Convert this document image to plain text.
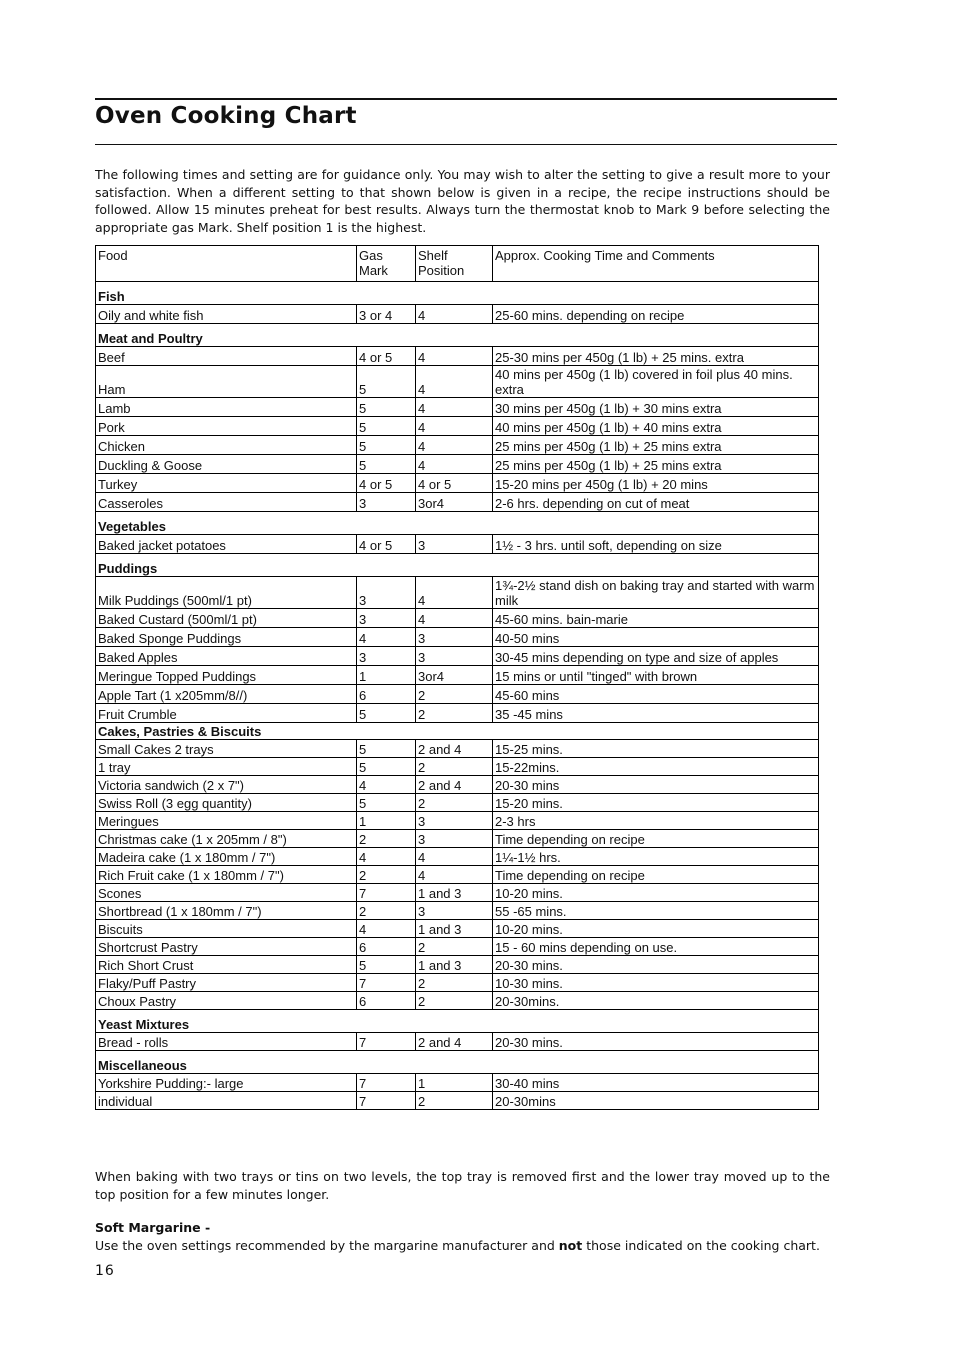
Oven Cooking Chart

The following times and setting are for guidance only. You may wish to alter the setting to give a result more to your satisfaction. When a different setting to that shown below is given in a recipe, the recipe instructions should be followed. Allow 15 minutes preheat for best results. Always turn the thermostat knob to Mark 9 before selecting the appropriate gas Mark. Shelf position 1 is the highest.

Food	Gas Mark	Shelf Position	Approx. Cooking Time and Comments
Fish			
Oily and white fish	3 or 4	4	25-60 mins. depending on recipe
Meat and Poultry			
Beef	4 or 5	4	25-30 mins per 450g (1 lb) + 25 mins. extra
Ham	5	4	40 mins per 450g (1 lb) covered in foil plus 40 mins. extra
Lamb	5	4	30 mins per 450g (1 lb) + 30 mins extra
Pork	5	4	40 mins per 450g (1 lb) + 40 mins extra
Chicken	5	4	25 mins per 450g (1 lb) + 25 mins extra
Duckling & Goose	5	4	25 mins per 450g (1 lb) + 25 mins extra
Turkey	4 or 5	4 or 5	15-20 mins per 450g (1 lb) + 20 mins
Casseroles	3	3or4	2-6 hrs. depending on cut of meat
Vegetables			
Baked jacket potatoes	4 or 5	3	1½ - 3 hrs. until soft, depending on size
Puddings			
Milk Puddings (500ml/1 pt)	3	4	1¾-2½ stand dish on baking tray and started with warm milk
Baked Custard (500ml/1 pt)	3	4	45-60 mins. bain-marie
Baked Sponge Puddings	4	3	40-50 mins
Baked Apples	3	3	30-45 mins depending on type and size of apples
Meringue Topped Puddings	1	3or4	15 mins or until "tinged" with brown
Apple Tart (1 x205mm/8//)	6	2	45-60 mins
Fruit Crumble	5	2	35 -45 mins
Cakes, Pastries & Biscuits			
Small Cakes 2 trays	5	2 and 4	15-25 mins.
1 tray	5	2	15-22mins.
Victoria sandwich (2 x 7")	4	2 and 4	20-30 mins
Swiss Roll (3 egg quantity)	5	2	15-20 mins.
Meringues	1	3	2-3 hrs
Christmas cake (1 x 205mm / 8")	2	3	Time depending on recipe
Madeira cake (1 x 180mm / 7")	4	4	1¼-1½ hrs.
Rich Fruit cake (1 x 180mm / 7")	2	4	Time depending on recipe
Scones	7	1 and 3	10-20 mins.
Shortbread (1 x 180mm / 7")	2	3	55 -65 mins.
Biscuits	4	1 and 3	10-20 mins.
Shortcrust Pastry	6	2	15 - 60 mins depending on use.
Rich Short Crust	5	1 and 3	20-30 mins.
Flaky/Puff Pastry	7	2	10-30 mins.
Choux Pastry	6	2	20-30mins.
Yeast Mixtures			
Bread - rolls	7	2 and 4	20-30 mins.
Miscellaneous			
Yorkshire Pudding:- large	7	1	30-40 mins
individual	7	2	20-30mins

When baking with two trays or tins on two levels, the top tray is removed first and the lower tray moved up to the top position for a few minutes longer.

Soft Margarine -

Use the oven settings recommended by the margarine manufacturer and not those indicated on the cooking chart.

16
